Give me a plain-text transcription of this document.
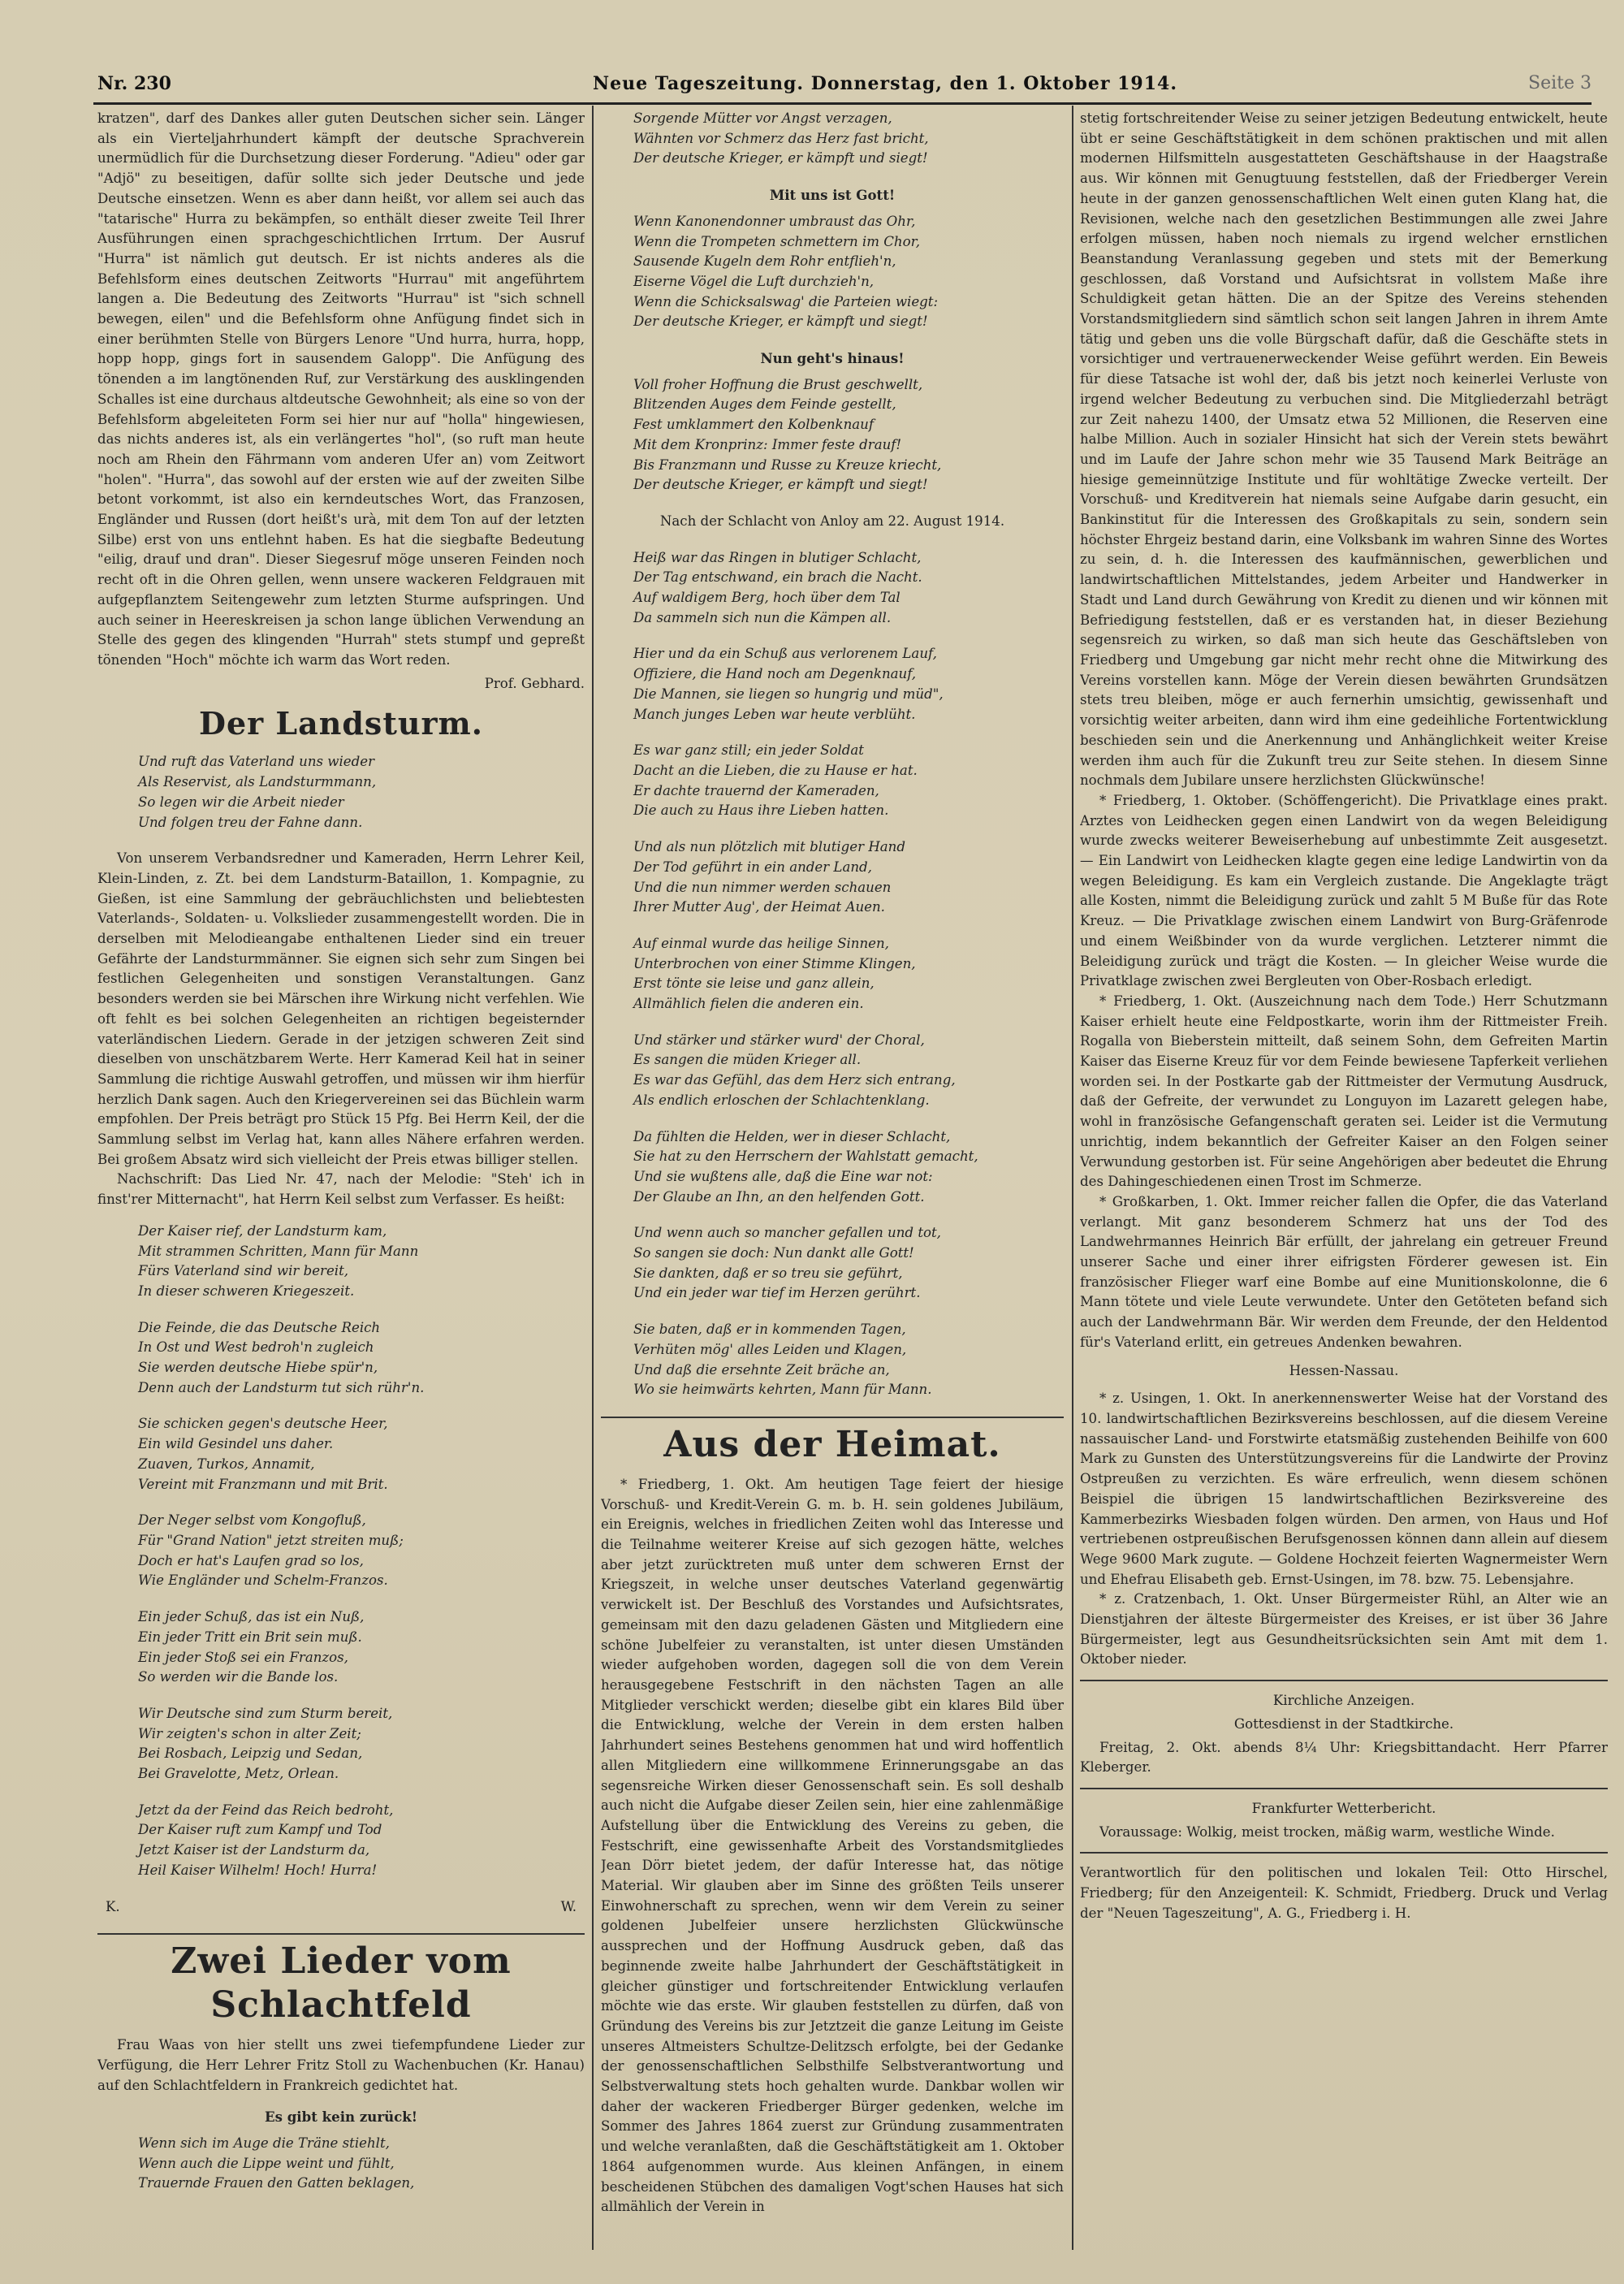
Nr. 230	Neue Tageszeitung. Donnerstag, den 1. Oktober 1914.	Seite 3

kratzen", darf des Dankes aller guten Deutschen sicher sein. Länger als ein Vierteljahrhundert kämpft der deutsche Sprachverein unermüdlich für die Durchsetzung dieser Forderung. "Adieu" oder gar "Adjö" zu beseitigen, dafür sollte sich jeder Deutsche und jede Deutsche einsetzen. Wenn es aber dann heißt, vor allem sei auch das "tatarische" Hurra zu bekämpfen, so enthält dieser zweite Teil Ihrer Ausführungen einen sprachgeschichtlichen Irrtum. Der Ausruf "Hurra" ist nämlich gut deutsch. Er ist nichts anderes als die Befehlsform eines deutschen Zeitworts "Hurrau" mit angeführtem langen a. Die Bedeutung des Zeitworts "Hurrau" ist "sich schnell bewegen, eilen" und die Befehlsform ohne Anfügung findet sich in einer berühmten Stelle von Bürgers Lenore "Und hurra, hurra, hopp, hopp hopp, gings fort in sausendem Galopp". Die Anfügung des tönenden a im langtönenden Ruf, zur Verstärkung des ausklingenden Schalles ist eine durchaus altdeutsche Gewohnheit; als eine so von der Befehlsform abgeleiteten Form sei hier nur auf "holla" hingewiesen, das nichts anderes ist, als ein verlängertes "hol", (so ruft man heute noch am Rhein den Fährmann vom anderen Ufer an) vom Zeitwort "holen". "Hurra", das sowohl auf der ersten wie auf der zweiten Silbe betont vorkommt, ist also ein kerndeutsches Wort, das Franzosen, Engländer und Russen (dort heißt's urà, mit dem Ton auf der letzten Silbe) erst von uns entlehnt haben. Es hat die siegbafte Bedeutung "eilig, drauf und dran". Dieser Siegesruf möge unseren Feinden noch recht oft in die Ohren gellen, wenn unsere wackeren Feldgrauen mit aufgepflanztem Seitengewehr zum letzten Sturme aufspringen. Und auch seiner in Heereskreisen ja schon lange üblichen Verwendung an Stelle des gegen des klingenden "Hurrah" stets stumpf und gepreßt tönenden "Hoch" möchte ich warm das Wort reden.

Prof. Gebhard.
Der Landsturm.
Und ruft das Vaterland uns wieder
Als Reservist, als Landsturmmann,
So legen wir die Arbeit nieder
Und folgen treu der Fahne dann.

Von unserem Verbandsredner und Kameraden, Herrn Lehrer Keil, Klein-Linden, z. Zt. bei dem Landsturm-Bataillon, 1. Kompagnie, zu Gießen, ist eine Sammlung der gebräuchlichsten und beliebtesten Vaterlands-, Soldaten- u. Volkslieder zusammengestellt worden. Die in derselben mit Melodieangabe enthaltenen Lieder sind ein treuer Gefährte der Landsturmmänner. Sie eignen sich sehr zum Singen bei festlichen Gelegenheiten und sonstigen Veranstaltungen. Ganz besonders werden sie bei Märschen ihre Wirkung nicht verfehlen. Wie oft fehlt es bei solchen Gelegenheiten an richtigen begeisternder vaterländischen Liedern. Gerade in der jetzigen schweren Zeit sind dieselben von unschätzbarem Werte. Herr Kamerad Keil hat in seiner Sammlung die richtige Auswahl getroffen, und müssen wir ihm hierfür herzlich Dank sagen. Auch den Kriegervereinen sei das Büchlein warm empfohlen. Der Preis beträgt pro Stück 15 Pfg. Bei Herrn Keil, der die Sammlung selbst im Verlag hat, kann alles Nähere erfahren werden. Bei großem Absatz wird sich vielleicht der Preis etwas billiger stellen.

Nachschrift: Das Lied Nr. 47, nach der Melodie: "Steh' ich in finst'rer Mitternacht", hat Herrn Keil selbst zum Verfasser. Es heißt:

Der Kaiser rief, der Landsturm kam,
Mit strammen Schritten, Mann für Mann
Fürs Vaterland sind wir bereit,
In dieser schweren Kriegeszeit.
Die Feinde, die das Deutsche Reich
In Ost und West bedroh'n zugleich
Sie werden deutsche Hiebe spür'n,
Denn auch der Landsturm tut sich rühr'n.
Sie schicken gegen's deutsche Heer,
Ein wild Gesindel uns daher.
Zuaven, Turkos, Annamit,
Vereint mit Franzmann und mit Brit.
Der Neger selbst vom Kongofluß,
Für "Grand Nation" jetzt streiten muß;
Doch er hat's Laufen grad so los,
Wie Engländer und Schelm-Franzos.
Ein jeder Schuß, das ist ein Nuß,
Ein jeder Tritt ein Brit sein muß.
Ein jeder Stoß sei ein Franzos,
So werden wir die Bande los.
Wir Deutsche sind zum Sturm bereit,
Wir zeigten's schon in alter Zeit;
Bei Rosbach, Leipzig und Sedan,
Bei Gravelotte, Metz, Orlean.
Jetzt da der Feind das Reich bedroht,
Der Kaiser ruft zum Kampf und Tod
Jetzt Kaiser ist der Landsturm da,
Heil Kaiser Wilhelm! Hoch! Hurra!
K.	W.
Zwei Lieder vom Schlachtfeld

Frau Waas von hier stellt uns zwei tiefempfundene Lieder zur Verfügung, die Herr Lehrer Fritz Stoll zu Wachenbuchen (Kr. Hanau) auf den Schlachtfeldern in Frankreich gedichtet hat.

Es gibt kein zurück!
Wenn sich im Auge die Träne stiehlt,
Wenn auch die Lippe weint und fühlt,
Trauernde Frauen den Gatten beklagen,
Sorgende Mütter vor Angst verzagen,
Wähnten vor Schmerz das Herz fast bricht,
Der deutsche Krieger, er kämpft und siegt!
Mit uns ist Gott!
Wenn Kanonendonner umbraust das Ohr,
Wenn die Trompeten schmettern im Chor,
Sausende Kugeln dem Rohr entflieh'n,
Eiserne Vögel die Luft durchzieh'n,
Wenn die Schicksalswag' die Parteien wiegt:
Der deutsche Krieger, er kämpft und siegt!
Nun geht's hinaus!
Voll froher Hoffnung die Brust geschwellt,
Blitzenden Auges dem Feinde gestellt,
Fest umklammert den Kolbenknauf
Mit dem Kronprinz: Immer feste drauf!
Bis Franzmann und Russe zu Kreuze kriecht,
Der deutsche Krieger, er kämpft und siegt!
Nach der Schlacht von Anloy am 22. August 1914.
Heiß war das Ringen in blutiger Schlacht,
Der Tag entschwand, ein brach die Nacht.
Auf waldigem Berg, hoch über dem Tal
Da sammeln sich nun die Kämpen all.
Hier und da ein Schuß aus verlorenem Lauf,
Offiziere, die Hand noch am Degenknauf,
Die Mannen, sie liegen so hungrig und müd",
Manch junges Leben war heute verblüht.
Es war ganz still; ein jeder Soldat
Dacht an die Lieben, die zu Hause er hat.
Er dachte trauernd der Kameraden,
Die auch zu Haus ihre Lieben hatten.
Und als nun plötzlich mit blutiger Hand
Der Tod geführt in ein ander Land,
Und die nun nimmer werden schauen
Ihrer Mutter Aug', der Heimat Auen.
Auf einmal wurde das heilige Sinnen,
Unterbrochen von einer Stimme Klingen,
Erst tönte sie leise und ganz allein,
Allmählich fielen die anderen ein.
Und stärker und stärker wurd' der Choral,
Es sangen die müden Krieger all.
Es war das Gefühl, das dem Herz sich entrang,
Als endlich erloschen der Schlachtenklang.
Da fühlten die Helden, wer in dieser Schlacht,
Sie hat zu den Herrschern der Wahlstatt gemacht,
Und sie wußtens alle, daß die Eine war not:
Der Glaube an Ihn, an den helfenden Gott.
Und wenn auch so mancher gefallen und tot,
So sangen sie doch: Nun dankt alle Gott!
Sie dankten, daß er so treu sie geführt,
Und ein jeder war tief im Herzen gerührt.
Sie baten, daß er in kommenden Tagen,
Verhüten mög' alles Leiden und Klagen,
Und daß die ersehnte Zeit bräche an,
Wo sie heimwärts kehrten, Mann für Mann.
Aus der Heimat.

* Friedberg, 1. Okt. Am heutigen Tage feiert der hiesige Vorschuß- und Kredit-Verein G. m. b. H. sein goldenes Jubiläum, ein Ereignis, welches in friedlichen Zeiten wohl das Interesse und die Teilnahme weiterer Kreise auf sich gezogen hätte, welches aber jetzt zurücktreten muß unter dem schweren Ernst der Kriegszeit, in welche unser deutsches Vaterland gegenwärtig verwickelt ist. Der Beschluß des Vorstandes und Aufsichtsrates, gemeinsam mit den dazu geladenen Gästen und Mitgliedern eine schöne Jubelfeier zu veranstalten, ist unter diesen Umständen wieder aufgehoben worden, dagegen soll die von dem Verein herausgegebene Festschrift in den nächsten Tagen an alle Mitglieder verschickt werden; dieselbe gibt ein klares Bild über die Entwicklung, welche der Verein in dem ersten halben Jahrhundert seines Bestehens genommen hat und wird hoffentlich allen Mitgliedern eine willkommene Erinnerungsgabe an das segensreiche Wirken dieser Genossenschaft sein. Es soll deshalb auch nicht die Aufgabe dieser Zeilen sein, hier eine zahlenmäßige Aufstellung über die Entwicklung des Vereins zu geben, die Festschrift, eine gewissenhafte Arbeit des Vorstandsmitgliedes Jean Dörr bietet jedem, der dafür Interesse hat, das nötige Material. Wir glauben aber im Sinne des größten Teils unserer Einwohnerschaft zu sprechen, wenn wir dem Verein zu seiner goldenen Jubelfeier unsere herzlichsten Glückwünsche aussprechen und der Hoffnung Ausdruck geben, daß das beginnende zweite halbe Jahrhundert der Geschäftstätigkeit in gleicher günstiger und fortschreitender Entwicklung verlaufen möchte wie das erste. Wir glauben feststellen zu dürfen, daß von Gründung des Vereins bis zur Jetztzeit die ganze Leitung im Geiste unseres Altmeisters Schultze-Delitzsch erfolgte, bei der Gedanke der genossenschaftlichen Selbsthilfe Selbstverantwortung und Selbstverwaltung stets hoch gehalten wurde. Dankbar wollen wir daher der wackeren Friedberger Bürger gedenken, welche im Sommer des Jahres 1864 zuerst zur Gründung zusammentraten und welche veranlaßten, daß die Geschäftstätigkeit am 1. Oktober 1864 aufgenommen wurde. Aus kleinen Anfängen, in einem bescheidenen Stübchen des damaligen Vogt'schen Hauses hat sich allmählich der Verein in

stetig fortschreitender Weise zu seiner jetzigen Bedeutung entwickelt, heute übt er seine Geschäftstätigkeit in dem schönen praktischen und mit allen modernen Hilfsmitteln ausgestatteten Geschäftshause in der Haagstraße aus. Wir können mit Genugtuung feststellen, daß der Friedberger Verein heute in der ganzen genossenschaftlichen Welt einen guten Klang hat, die Revisionen, welche nach den gesetzlichen Bestimmungen alle zwei Jahre erfolgen müssen, haben noch niemals zu irgend welcher ernstlichen Beanstandung Veranlassung gegeben und stets mit der Bemerkung geschlossen, daß Vorstand und Aufsichtsrat in vollstem Maße ihre Schuldigkeit getan hätten. Die an der Spitze des Vereins stehenden Vorstandsmitgliedern sind sämtlich schon seit langen Jahren in ihrem Amte tätig und geben uns die volle Bürgschaft dafür, daß die Geschäfte stets in vorsichtiger und vertrauenerweckender Weise geführt werden. Ein Beweis für diese Tatsache ist wohl der, daß bis jetzt noch keinerlei Verluste von irgend welcher Bedeutung zu verbuchen sind. Die Mitgliederzahl beträgt zur Zeit nahezu 1400, der Umsatz etwa 52 Millionen, die Reserven eine halbe Million. Auch in sozialer Hinsicht hat sich der Verein stets bewährt und im Laufe der Jahre schon mehr wie 35 Tausend Mark Beiträge an hiesige gemeinnützige Institute und für wohltätige Zwecke verteilt. Der Vorschuß- und Kreditverein hat niemals seine Aufgabe darin gesucht, ein Bankinstitut für die Interessen des Großkapitals zu sein, sondern sein höchster Ehrgeiz bestand darin, eine Volksbank im wahren Sinne des Wortes zu sein, d. h. die Interessen des kaufmännischen, gewerblichen und landwirtschaftlichen Mittelstandes, jedem Arbeiter und Handwerker in Stadt und Land durch Gewährung von Kredit zu dienen und wir können mit Befriedigung feststellen, daß er es verstanden hat, in dieser Beziehung segensreich zu wirken, so daß man sich heute das Geschäftsleben von Friedberg und Umgebung gar nicht mehr recht ohne die Mitwirkung des Vereins vorstellen kann. Möge der Verein diesen bewährten Grundsätzen stets treu bleiben, möge er auch fernerhin umsichtig, gewissenhaft und vorsichtig weiter arbeiten, dann wird ihm eine gedeihliche Fortentwicklung beschieden sein und die Anerkennung und Anhänglichkeit weiter Kreise werden ihm auch für die Zukunft treu zur Seite stehen. In diesem Sinne nochmals dem Jubilare unsere herzlichsten Glückwünsche!

* Friedberg, 1. Oktober. (Schöffengericht). Die Privatklage eines prakt. Arztes von Leidhecken gegen einen Landwirt von da wegen Beleidigung wurde zwecks weiterer Beweiserhebung auf unbestimmte Zeit ausgesetzt. — Ein Landwirt von Leidhecken klagte gegen eine ledige Landwirtin von da wegen Beleidigung. Es kam ein Vergleich zustande. Die Angeklagte trägt alle Kosten, nimmt die Beleidigung zurück und zahlt 5 M Buße für das Rote Kreuz. — Die Privatklage zwischen einem Landwirt von Burg-Gräfenrode und einem Weißbinder von da wurde verglichen. Letzterer nimmt die Beleidigung zurück und trägt die Kosten. — In gleicher Weise wurde die Privatklage zwischen zwei Bergleuten von Ober-Rosbach erledigt.

* Friedberg, 1. Okt. (Auszeichnung nach dem Tode.) Herr Schutzmann Kaiser erhielt heute eine Feldpostkarte, worin ihm der Rittmeister Freih. Rogalla von Bieberstein mitteilt, daß seinem Sohn, dem Gefreiten Martin Kaiser das Eiserne Kreuz für vor dem Feinde bewiesene Tapferkeit verliehen worden sei. In der Postkarte gab der Rittmeister der Vermutung Ausdruck, daß der Gefreite, der verwundet zu Longuyon im Lazarett gelegen habe, wohl in französische Gefangenschaft geraten sei. Leider ist die Vermutung unrichtig, indem bekanntlich der Gefreiter Kaiser an den Folgen seiner Verwundung gestorben ist. Für seine Angehörigen aber bedeutet die Ehrung des Dahingeschiedenen einen Trost im Schmerze.

* Großkarben, 1. Okt. Immer reicher fallen die Opfer, die das Vaterland verlangt. Mit ganz besonderem Schmerz hat uns der Tod des Landwehrmannes Heinrich Bär erfüllt, der jahrelang ein getreuer Freund unserer Sache und einer ihrer eifrigsten Förderer gewesen ist. Ein französischer Flieger warf eine Bombe auf eine Munitionskolonne, die 6 Mann tötete und viele Leute verwundete. Unter den Getöteten befand sich auch der Landwehrmann Bär. Wir werden dem Freunde, der den Heldentod für's Vaterland erlitt, ein getreues Andenken bewahren.

Hessen-Nassau.

* z. Usingen, 1. Okt. In anerkennenswerter Weise hat der Vorstand des 10. landwirtschaftlichen Bezirksvereins beschlossen, auf die diesem Vereine nassauischer Land- und Forstwirte etatsmäßig zustehenden Beihilfe von 600 Mark zu Gunsten des Unterstützungsvereins für die Landwirte der Provinz Ostpreußen zu verzichten. Es wäre erfreulich, wenn diesem schönen Beispiel die übrigen 15 landwirtschaftlichen Bezirksvereine des Kammerbezirks Wiesbaden folgen würden. Den armen, von Haus und Hof vertriebenen ostpreußischen Berufsgenossen können dann allein auf diesem Wege 9600 Mark zugute. — Goldene Hochzeit feierten Wagnermeister Wern und Ehefrau Elisabeth geb. Ernst-Usingen, im 78. bzw. 75. Lebensjahre.

* z. Cratzenbach, 1. Okt. Unser Bürgermeister Rühl, an Alter wie an Dienstjahren der älteste Bürgermeister des Kreises, er ist über 36 Jahre Bürgermeister, legt aus Gesundheitsrücksichten sein Amt mit dem 1. Oktober nieder.

Kirchliche Anzeigen.
Gottesdienst in der Stadtkirche.

Freitag, 2. Okt. abends 8¼ Uhr: Kriegsbittandacht. Herr Pfarrer Kleberger.

Frankfurter Wetterbericht.

Voraussage: Wolkig, meist trocken, mäßig warm, westliche Winde.

Verantwortlich für den politischen und lokalen Teil: Otto Hirschel, Friedberg; für den Anzeigenteil: K. Schmidt, Friedberg. Druck und Verlag der "Neuen Tageszeitung", A. G., Friedberg i. H.
